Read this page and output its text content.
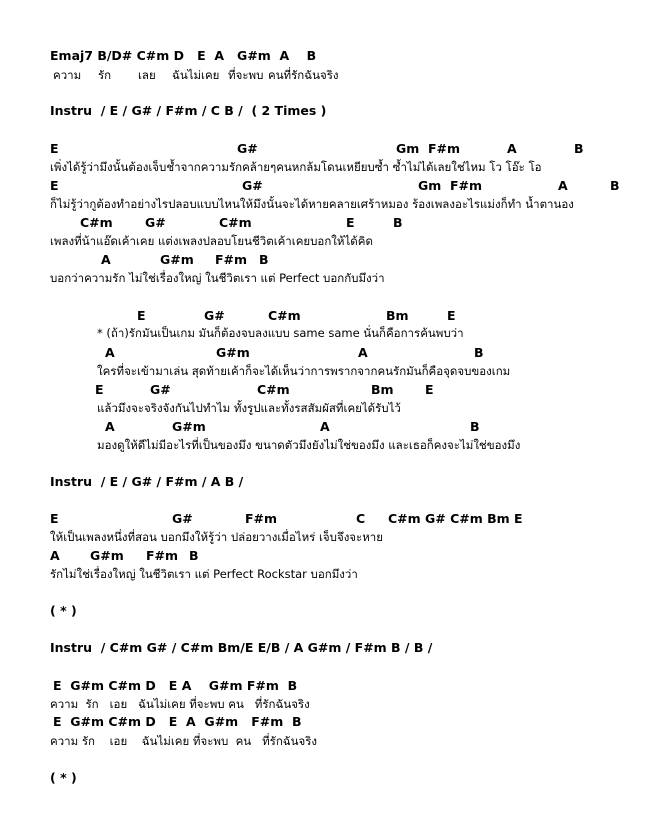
Emaj7 B/D# C#m D   E  A   G#m  A    B
ความ รัก เลย ฉันไม่เคย ที่จะพบ คนที่รักฉันจริง
Instru  / E / G# / F#m / C B /  ( 2 Times )
E	G#	Gm  F#m	A	B
เพิ่งได้รู้ว่ามึงนั้นต้องเจ็บช้ำจากความรักคล้ายๆคนหกล้มโดนเหยียบซ้ำ ซ้ำไม่ได้เลยใช่ไหม โว โอ๊ะ โอ
E	G#	Gm  F#m	A	B
ก็ไม่รู้ว่ากูต้องทำอย่างไรปลอบแบบไหนให้มึงนั้นจะได้หายคลายเศร้าหมอง ร้องเพลงอะไรแม่งก็ทำ น้ำตานอง
C#m	G#	C#m	E	B
เพลงที่น้าแอ๊ดเค้าเคย แต่งเพลงปลอบโยนชีวิตเค้าเคยบอกให้ได้คิด
A	G#m F#m B
บอกว่าความรัก ไม่ใช่เรื่องใหญ่ ในชีวิตเรา แต่ Perfect บอกกับมึงว่า
E	G#	C#m	Bm	E
* (ถ้า)รักมันเป็นเกม มันก็ต้องจบลงแบบ same same นั่นก็คือการค้นพบว่า
A	G#m	A	B
ใครที่จะเข้ามาเล่น สุดท้ายเค้าก็จะได้เห็นว่าการพรากจากคนรักมันก็คือจุดจบของเกม
E	G#	C#m	Bm	E
แล้วมึงจะจริงจังกันไปทำไม ทั้งรูปและทั้งรสสัมผัสที่เคยได้รับไว้
A	G#m	A	B
มองดูให้ดีไม่มีอะไรที่เป็นของมึง ขนาดตัวมึงยังไม่ใช่ของมึง และเธอก็คงจะไม่ใช่ของมึง
Instru  / E / G# / F#m / A B /
E	G#	F#m	C C#m G# C#m Bm E
ให้เป็นเพลงหนึ่งที่สอน บอกมึงให้รู้ว่า ปล่อยวางเมื่อไหร่ เจ็บจึงจะหาย
A G#m F#m B
รักไม่ใช่เรื่องใหญ่ ในชีวิตเรา แต่ Perfect Rockstar บอกมึงว่า
( * )
Instru  / C#m G# / C#m Bm/E E/B / A G#m / F#m B / B /
E  G#m C#m D   E A    G#m F#m  B
ความ  รัก   เอย   ฉันไม่เคย ที่จะพบ คน   ที่รักฉันจริง
E  G#m C#m D   E  A  G#m   F#m  B
ความ รัก    เอย    ฉันไม่เคย ที่จะพบ  คน   ที่รักฉันจริง
( * )
